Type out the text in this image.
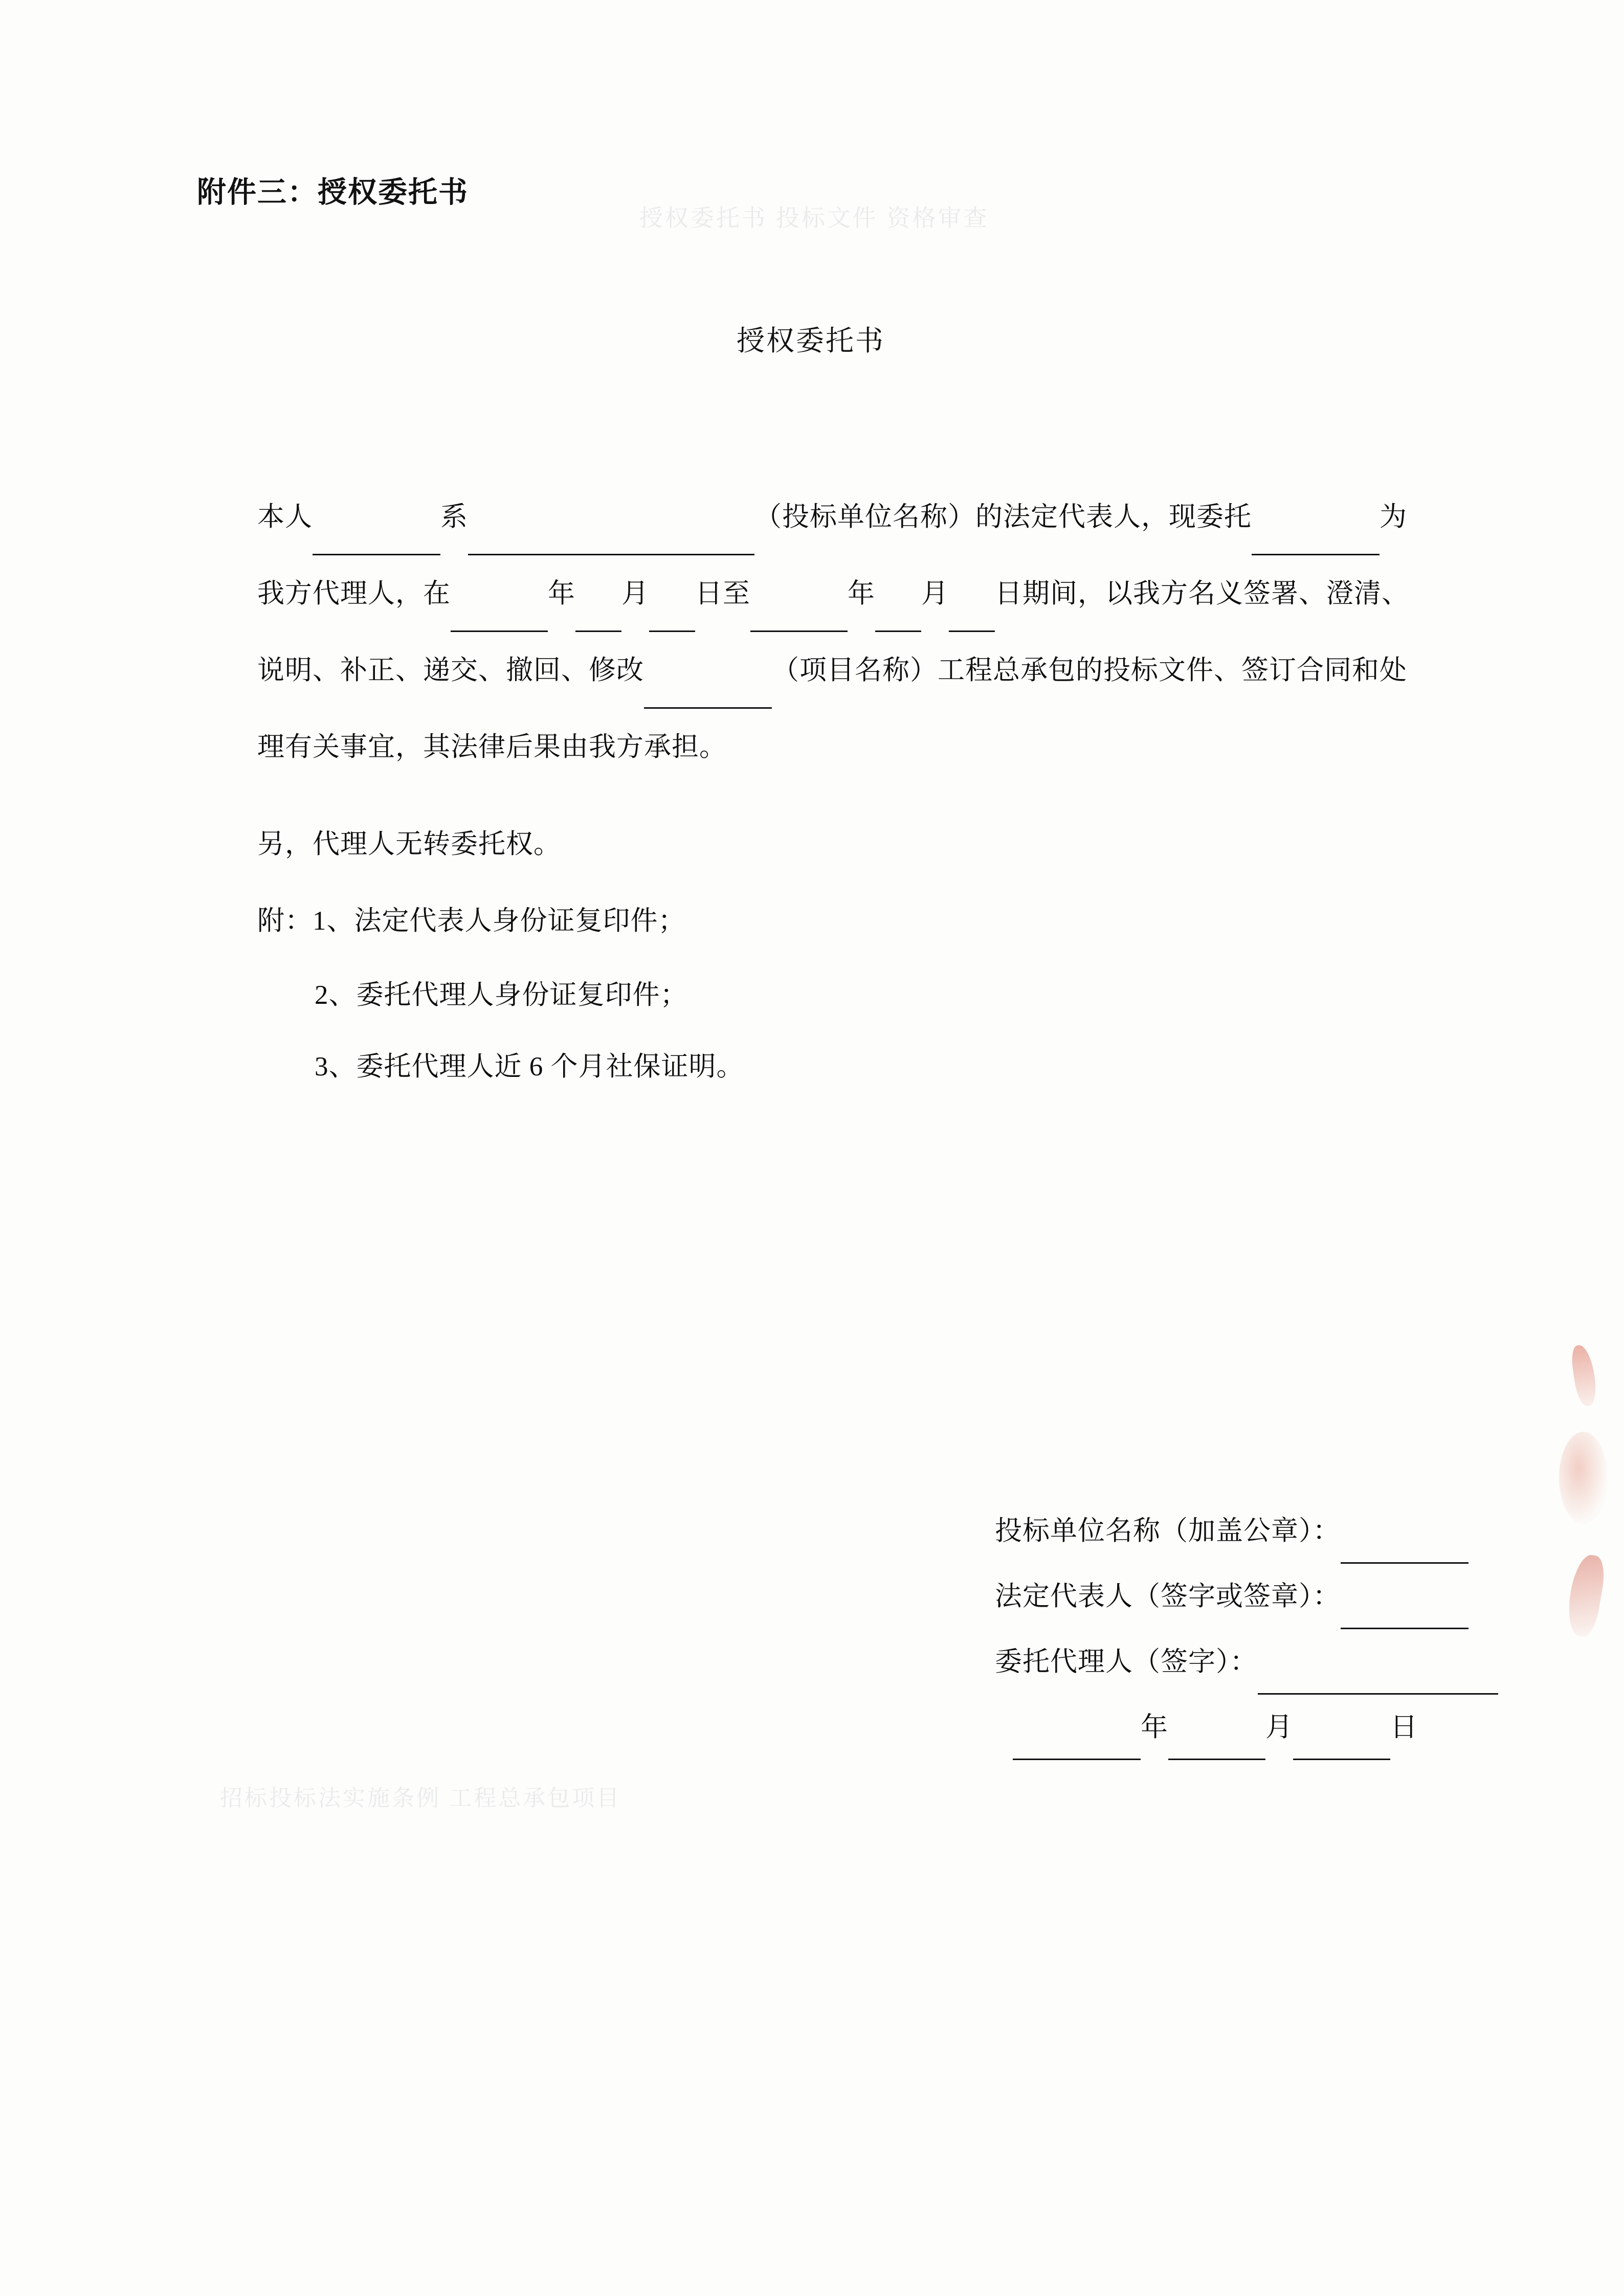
授权委托书 投标文件 资格审查
招标投标法实施条例 工程总承包项目
附件三：授权委托书
授权委托书
本人	系	（投标单位名称）的法定代表人，现委托	为我方代理人，在	年 月 日至	年 月 日期间，以我方名义签署、澄清、说明、补正、递交、撤回、修改	（项目名称）工程总承包的投标文件、签订合同和处理有关事宜，其法律后果由我方承担。
另，代理人无转委托权。
附：1、法定代表人身份证复印件；
2、委托代理人身份证复印件；
3、委托代理人近 6 个月社保证明。
投标单位名称（加盖公章）：
法定代表人（签字或签章）：
委托代理人（签字）：
年	月	日
